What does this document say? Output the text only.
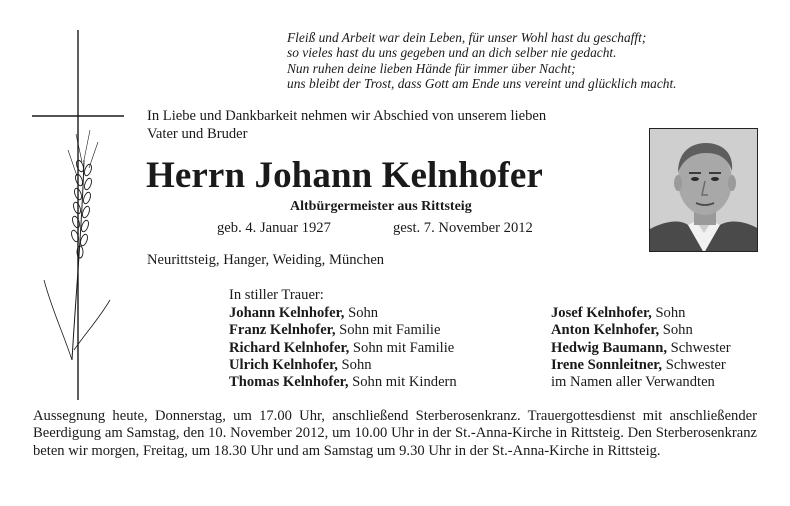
Fleiß und Arbeit war dein Leben, für unser Wohl hast du geschafft;
so vieles hast du uns gegeben und an dich selber nie gedacht.
Nun ruhen deine lieben Hände für immer über Nacht;
uns bleibt der Trost, dass Gott am Ende uns vereint und glücklich macht.
In Liebe und Dankbarkeit nehmen wir Abschied von unserem lieben
Vater und Bruder
Herrn Johann Kelnhofer
Altbürgermeister aus Rittsteig
geb. 4. Januar 1927	gest. 7. November 2012
Neurittsteig, Hanger, Weiding, München
In stiller Trauer:
Johann Kelnhofer, Sohn
Franz Kelnhofer, Sohn mit Familie
Richard Kelnhofer, Sohn mit Familie
Ulrich Kelnhofer, Sohn
Thomas Kelnhofer, Sohn mit Kindern
Josef Kelnhofer, Sohn
Anton Kelnhofer, Sohn
Hedwig Baumann, Schwester
Irene Sonnleitner, Schwester
im Namen aller Verwandten
Aussegnung heute, Donnerstag, um 17.00 Uhr, anschließend Sterberosenkranz. Trauergottesdienst mit anschließender Beerdigung am Samstag, den 10. November 2012, um 10.00 Uhr in der St.-Anna-Kirche in Rittsteig. Den Sterberosenkranz beten wir morgen, Freitag, um 18.30 Uhr und am Samstag um 9.30 Uhr in der St.-Anna-Kirche in Rittsteig.
